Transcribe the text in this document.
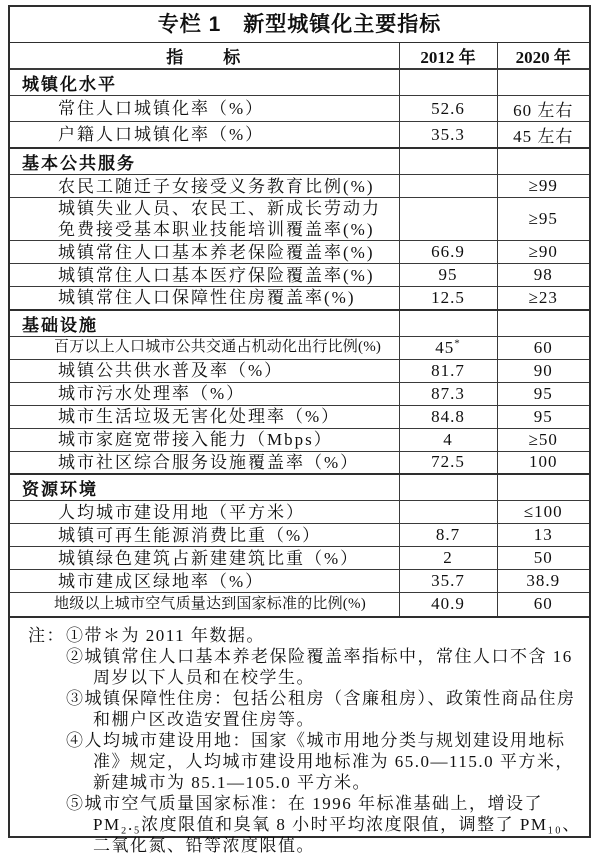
专栏 1　新型城镇化主要指标
指　　标	2012 年	2020 年
城镇化水平		
常住人口城镇化率（%）	52.6	60 左右
户籍人口城镇化率（%）	35.3	45 左右
基本公共服务		
农民工随迁子女接受义务教育比例(%)		≥99
城镇失业人员、农民工、新成长劳动力
免费接受基本职业技能培训覆盖率(%)		≥95
城镇常住人口基本养老保险覆盖率(%)	66.9	≥90
城镇常住人口基本医疗保险覆盖率(%)	95	98
城镇常住人口保障性住房覆盖率(%)	12.5	≥23
基础设施		
百万以上人口城市公共交通占机动化出行比例(%)	45*	60
城镇公共供水普及率（%）	81.7	90
城市污水处理率（%）	87.3	95
城市生活垃圾无害化处理率（%）	84.8	95
城市家庭宽带接入能力（Mbps）	4	≥50
城市社区综合服务设施覆盖率（%）	72.5	100
资源环境		
人均城市建设用地（平方米）		≤100
城镇可再生能源消费比重（%）	8.7	13
城镇绿色建筑占新建建筑比重（%）	2	50
城市建成区绿地率（%）	35.7	38.9
地级以上城市空气质量达到国家标准的比例(%)	40.9	60
注： ①带＊为 2011 年数据。
②城镇常住人口基本养老保险覆盖率指标中，常住人口不含 16
周岁以下人员和在校学生。
③城镇保障性住房：包括公租房（含廉租房）、政策性商品住房
和棚户区改造安置住房等。
④人均城市建设用地：国家《城市用地分类与规划建设用地标
准》规定，人均城市建设用地标准为 65.0—115.0 平方米，
新建城市为 85.1—105.0 平方米。
⑤城市空气质量国家标准：在 1996 年标准基础上，增设了
PM₂.₅浓度限值和臭氧 8 小时平均浓度限值，调整了 PM₁₀、
二氧化氮、铅等浓度限值。
